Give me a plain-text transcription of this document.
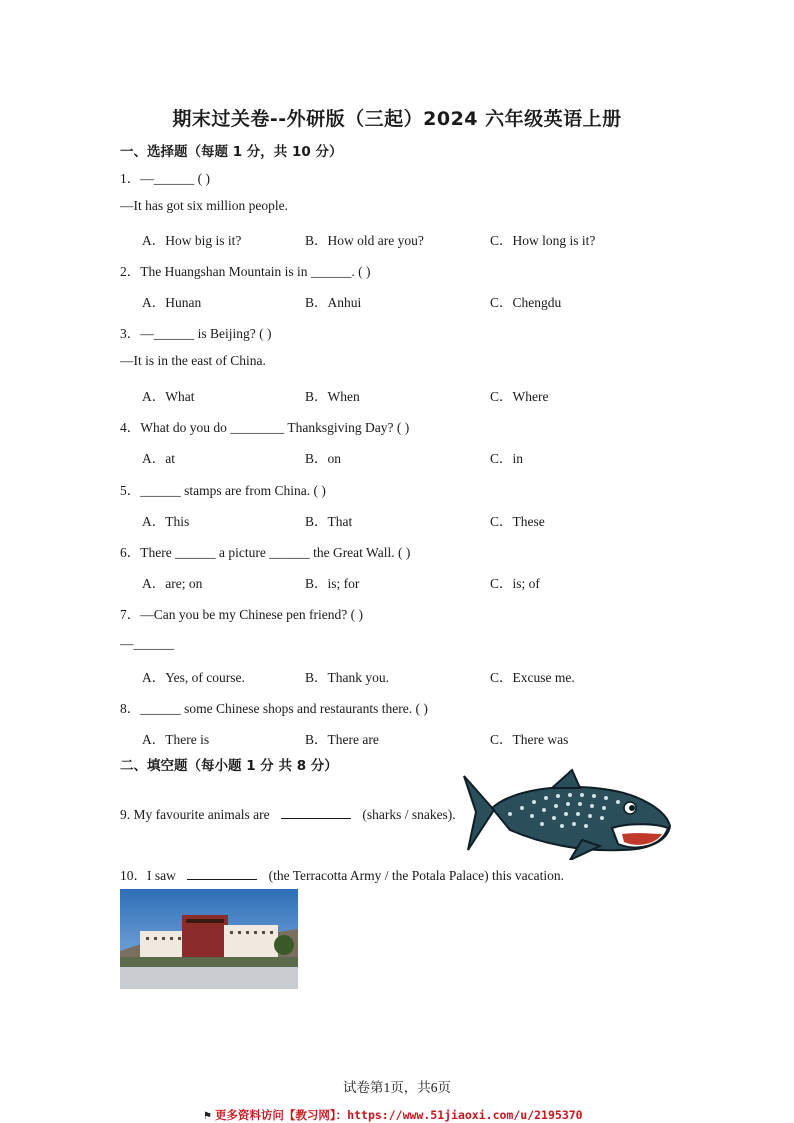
期末过关卷--外研版（三起）2024 六年级英语上册
一、选择题（每题 1 分，共 10 分）
1．—______ ( )
—It has got six million people.
A．How big is it?	B．How old are you?	C．How long is it?
2．The Huangshan Mountain is in ______. ( )
A．Hunan	B．Anhui	C．Chengdu
3．—______ is Beijing? ( )
—It is in the east of China.
A．What	B．When	C．Where
4．What do you do ________ Thanksgiving Day? ( )
A．at	B．on	C．in
5．______ stamps are from China. ( )
A．This	B．That	C．These
6．There ______ a picture ______ the Great Wall. ( )
A．are; on	B．is; for	C．is; of
7．—Can you be my Chinese pen friend? ( )
—______
A．Yes, of course.	B．Thank you.	C．Excuse me.
8．______ some Chinese shops and restaurants there. ( )
A．There is	B．There are	C．There was
二、填空题（每小题 1 分 共 8 分）
9. My favourite animals are	(sharks / snakes).
10．I saw	(the Terracotta Army / the Potala Palace) this vacation.
试卷第1页，共6页
⚑ 更多资料访问【教习网】：https://www.51jiaoxi.com/u/2195370
